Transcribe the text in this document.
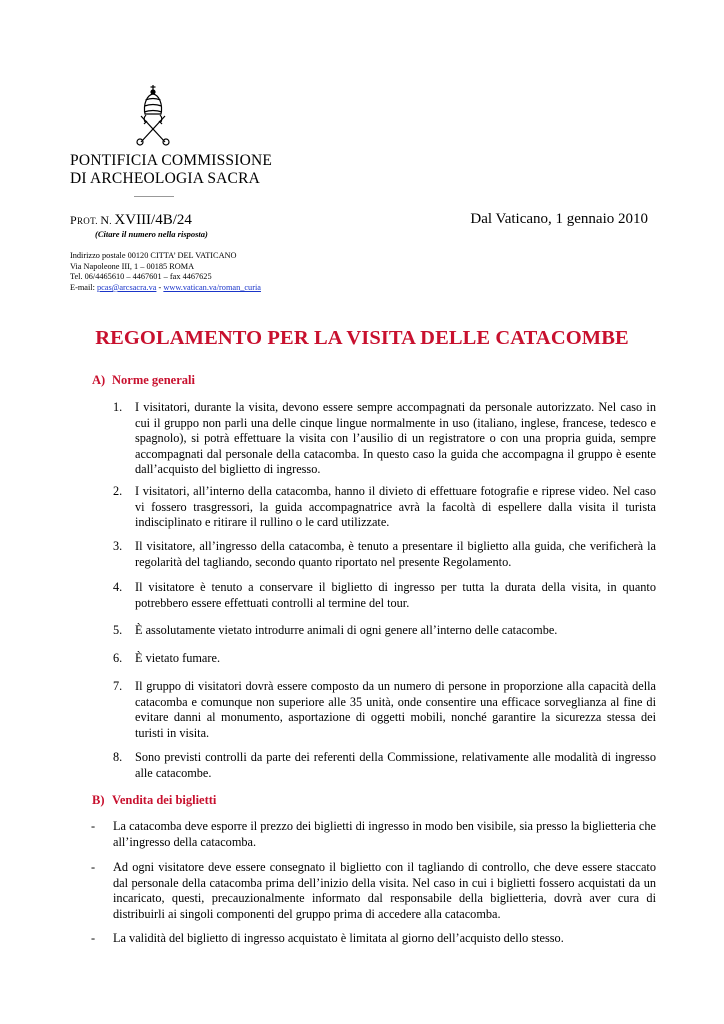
PONTIFICIA COMMISSIONE
DI ARCHEOLOGIA SACRA
PROT. N. XVIII/4B/24
(Citare il numero nella risposta)
Dal Vaticano, 1 gennaio 2010
Indirizzo postale 00120 CITTA’ DEL VATICANO
Via Napoleone III, 1 – 00185 ROMA
Tel. 06/4465610 – 4467601 – fax 4467625
E-mail: pcas@arcsacra.va - www.vatican.va/roman_curia
REGOLAMENTO PER LA VISITA DELLE CATACOMBE
A) Norme generali
1. I visitatori, durante la visita, devono essere sempre accompagnati da personale autorizzato. Nel caso in cui il gruppo non parli una delle cinque lingue normalmente in uso (italiano, inglese, francese, tedesco e spagnolo), si potrà effettuare la visita con l’ausilio di un registratore o con una propria guida, sempre accompagnati dal personale della catacomba. In questo caso la guida che accompagna il gruppo è esente dall’acquisto del biglietto di ingresso.
2. I visitatori, all’interno della catacomba, hanno il divieto di effettuare fotografie e riprese video. Nel caso vi fossero trasgressori, la guida accompagnatrice avrà la facoltà di espellere dalla visita il turista indisciplinato e ritirare il rullino o le card utilizzate.
3. Il visitatore, all’ingresso della catacomba, è tenuto a presentare il biglietto alla guida, che verificherà la regolarità del tagliando, secondo quanto riportato nel presente Regolamento.
4. Il visitatore è tenuto a conservare il biglietto di ingresso per tutta la durata della visita, in quanto potrebbero essere effettuati controlli al termine del tour.
5. È assolutamente vietato introdurre animali di ogni genere all’interno delle catacombe.
6. È vietato fumare.
7. Il gruppo di visitatori dovrà essere composto da un numero di persone in proporzione alla capacità della catacomba e comunque non superiore alle 35 unità, onde consentire una efficace sorveglianza al fine di evitare danni al monumento, asportazione di oggetti mobili, nonché garantire la sicurezza stessa dei turisti in visita.
8. Sono previsti controlli da parte dei referenti della Commissione, relativamente alle modalità di ingresso alle catacombe.
B) Vendita dei biglietti
- La catacomba deve esporre il prezzo dei biglietti di ingresso in modo ben visibile, sia presso la biglietteria che all’ingresso della catacomba.
- Ad ogni visitatore deve essere consegnato il biglietto con il tagliando di controllo, che deve essere staccato dal personale della catacomba prima dell’inizio della visita. Nel caso in cui i biglietti fossero acquistati da un incaricato, questi, precauzionalmente informato dal responsabile della biglietteria, dovrà aver cura di distribuirli ai singoli componenti del gruppo prima di accedere alla catacomba.
- La validità del biglietto di ingresso acquistato è limitata al giorno dell’acquisto dello stesso.
